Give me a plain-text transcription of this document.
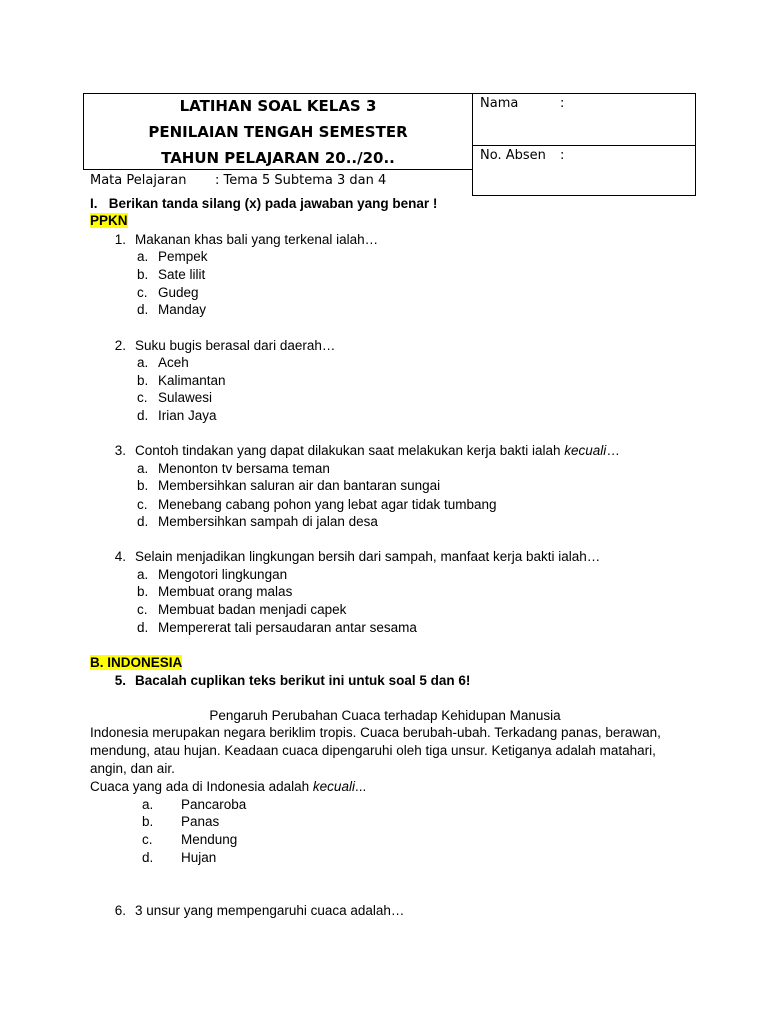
LATIHAN SOAL KELAS 3
PENILAIAN TENGAH SEMESTER
TAHUN PELAJARAN 20../20..
Nama	:
No. Absen :
Mata Pelajaran : Tema 5 Subtema 3 dan 4
I. Berikan tanda silang (x) pada jawaban yang benar !
PPKN
1. Makanan khas bali yang terkenal ialah…
a. Pempek
b. Sate lilit
c. Gudeg
d. Manday
2. Suku bugis berasal dari daerah…
a. Aceh
b. Kalimantan
c. Sulawesi
d. Irian Jaya
3. Contoh tindakan yang dapat dilakukan saat melakukan kerja bakti ialah kecuali…
a. Menonton tv bersama teman
b. Membersihkan saluran air dan bantaran sungai
c. Menebang cabang pohon yang lebat agar tidak tumbang
d. Membersihkan sampah di jalan desa
4. Selain menjadikan lingkungan bersih dari sampah, manfaat kerja bakti ialah…
a. Mengotori lingkungan
b. Membuat orang malas
c. Membuat badan menjadi capek
d. Mempererat tali persaudaran antar sesama
B. INDONESIA
5. Bacalah cuplikan teks berikut ini untuk soal 5 dan 6!
Pengaruh Perubahan Cuaca terhadap Kehidupan Manusia
Indonesia merupakan negara beriklim tropis. Cuaca berubah-ubah. Terkadang panas, berawan,
mendung, atau hujan. Keadaan cuaca dipengaruhi oleh tiga unsur. Ketiganya adalah matahari,
angin, dan air.
Cuaca yang ada di Indonesia adalah kecuali...
a. Pancaroba
b. Panas
c. Mendung
d. Hujan
6. 3 unsur yang mempengaruhi cuaca adalah…
